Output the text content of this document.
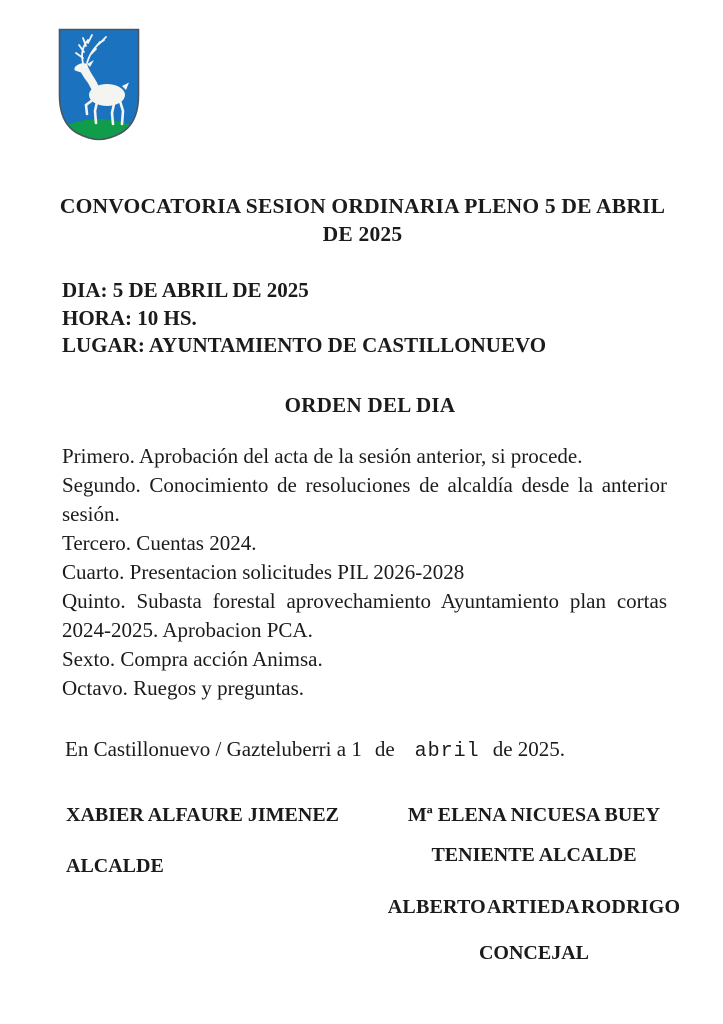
CONVOCATORIA SESION ORDINARIA PLENO 5 DE ABRIL
DE 2025
DIA: 5 DE ABRIL DE 2025
HORA: 10 HS.
LUGAR: AYUNTAMIENTO DE CASTILLONUEVO
ORDEN DEL DIA

Primero. Aprobación del acta de la sesión anterior, si procede.

Segundo. Conocimiento de resoluciones de alcaldía desde la anterior sesión.

Tercero. Cuentas 2024.

Cuarto. Presentacion solicitudes PIL 2026-2028

Quinto. Subasta forestal aprovechamiento Ayuntamiento plan cortas 2024-2025. Aprobacion PCA.

Sexto. Compra acción Animsa.

Octavo. Ruegos y preguntas.

En Castillonuevo / Gazteluberri a 1 de abril de 2025.
XABIER ALFAURE JIMENEZ
ALCALDE
Mª ELENA NICUESA BUEY
TENIENTE ALCALDE
ALBERTO ARTIEDA RODRIGO
CONCEJAL
